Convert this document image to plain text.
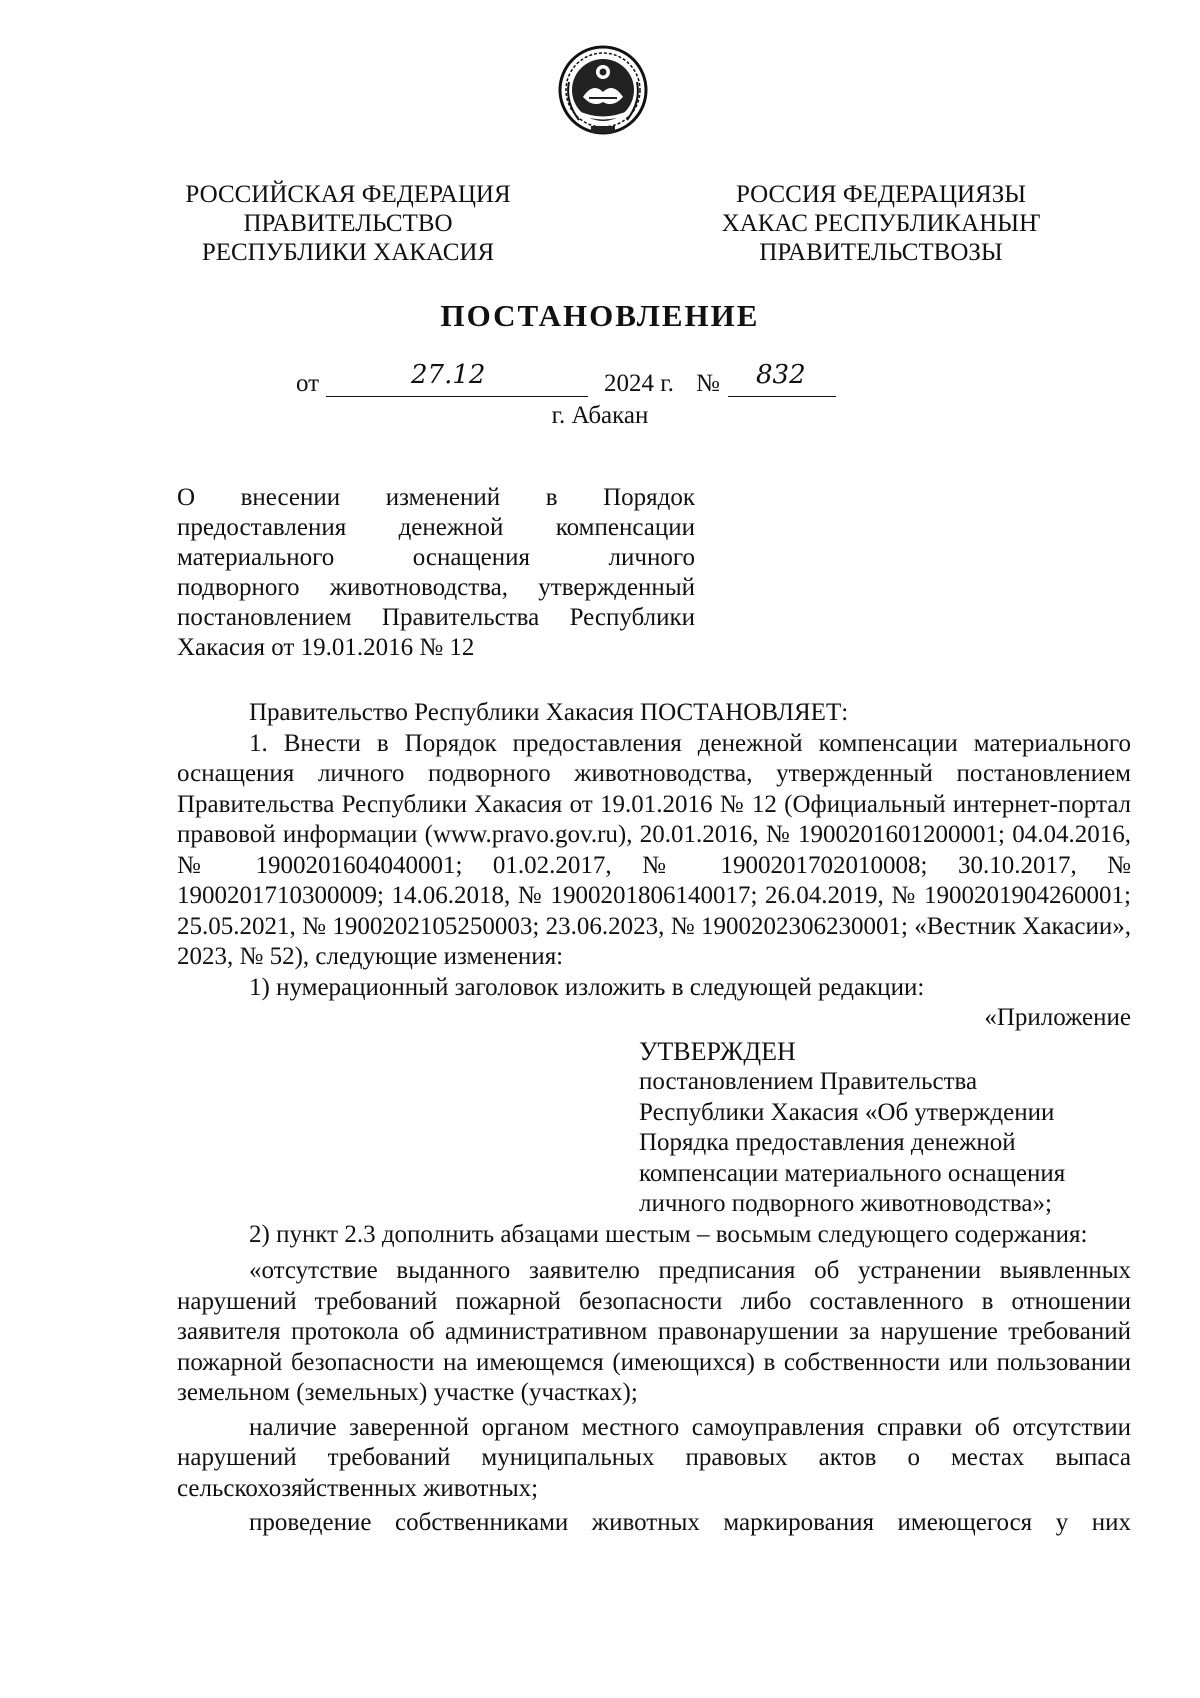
РОССИЙСКАЯ ФЕДЕРАЦИЯ
ПРАВИТЕЛЬСТВО
РЕСПУБЛИКИ ХАКАСИЯ
РОССИЯ ФЕДЕРАЦИЯЗЫ
ХАКАС РЕСПУБЛИКАНЫҤ
ПРАВИТЕЛЬСТВОЗЫ
ПОСТАНОВЛЕНИЕ
от	27.12	2024 г. № 832
г. Абакан
О внесении изменений в Порядок
предоставления денежной компенсации
материального оснащения личного
подворного животноводства, утвержденный
постановлением Правительства Республики
Хакасия от 19.01.2016 № 12

Правительство Республики Хакасия ПОСТАНОВЛЯЕТ:

1. Внести в Порядок предоставления денежной компенсации материального оснащения личного подворного животноводства, утвержденный постановлением Правительства Республики Хакасия от 19.01.2016 № 12 (Официальный интернет-портал правовой информации (www.pravo.gov.ru), 20.01.2016, № 1900201601200001; 04.04.2016, № 1900201604040001; 01.02.2017, № 1900201702010008; 30.10.2017, № 1900201710300009; 14.06.2018, № 1900201806140017; 26.04.2019, № 1900201904260001; 25.05.2021, № 1900202105250003; 23.06.2023, № 1900202306230001; «Вестник Хакасии», 2023, № 52), следующие изменения:

1) нумерационный заголовок изложить в следующей редакции:

«Приложение

УТВЕРЖДЕН

постановлением Правительства

Республики Хакасия «Об утверждении

Порядка предоставления денежной

компенсации материального оснащения

личного подворного животноводства»;

2) пункт 2.3 дополнить абзацами шестым – восьмым следующего содержания:

«отсутствие выданного заявителю предписания об устранении выявленных нарушений требований пожарной безопасности либо составленного в отношении заявителя протокола об административном правонарушении за нарушение требований пожарной безопасности на имеющемся (имеющихся) в собственности или пользовании земельном (земельных) участке (участках);

наличие заверенной органом местного самоуправления справки об отсутствии нарушений требований муниципальных правовых актов о местах выпаса сельскохозяйственных животных;

проведение собственниками животных маркирования имеющегося у них
